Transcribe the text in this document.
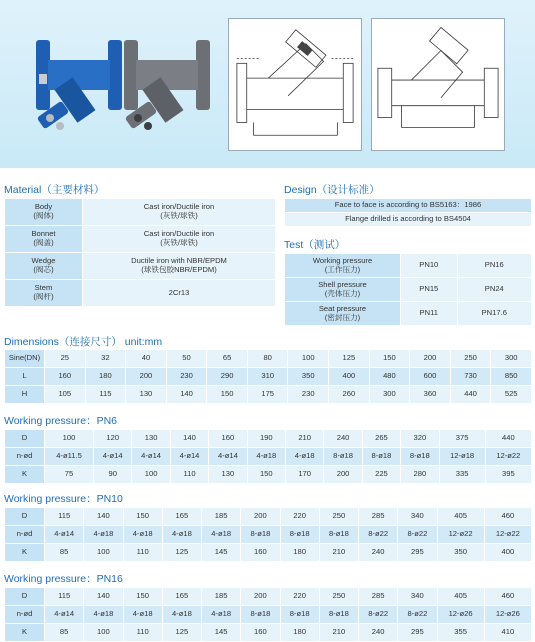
Material（主要材料）
Body
(阀体)	Cast iron/Ductile iron
(灰铁/球铁)
Bonnet
(阀盖)	Cast iron/Ductile iron
(灰铁/球铁)
Wedge
(阀芯)	Ductile iron with NBR/EPDM
(球铁包胶NBR/EPDM)
Stem
(阀杆)	2Cr13
Design（设计标准）
Face to face is according to BS5163：1986
Flange drilled is according to BS4504
Test（测试）
Working pressure
(工作压力)	PN10	PN16
Shell pressure
(壳体压力)	PN15	PN24
Seat pressure
(密封压力)	PN11	PN17.6
Dimensions（连接尺寸） unit:mm
Sine(DN)	25	32	40	50	65	80	100	125	150	200	250	300
L	160	180	200	230	290	310	350	400	480	600	730	850
H	105	115	130	140	150	175	230	260	300	360	440	525
Working pressure：PN6
D	100	120	130	140	160	190	210	240	265	320	375	440
n-ød	4-ø11.5	4-ø14	4-ø14	4-ø14	4-ø14	4-ø18	4-ø18	8-ø18	8-ø18	8-ø18	12-ø18	12-ø22
K	75	90	100	110	130	150	170	200	225	280	335	395
Working pressure：PN10
D	115	140	150	165	185	200	220	250	285	340	405	460
n-ød	4-ø14	4-ø18	4-ø18	4-ø18	4-ø18	8-ø18	8-ø18	8-ø18	8-ø22	8-ø22	12-ø22	12-ø22
K	85	100	110	125	145	160	180	210	240	295	350	400
Working pressure：PN16
D	115	140	150	165	185	200	220	250	285	340	405	460
n-ød	4-ø14	4-ø18	4-ø18	4-ø18	4-ø18	8-ø18	8-ø18	8-ø18	8-ø22	8-ø22	12-ø26	12-ø26
K	85	100	110	125	145	160	180	210	240	295	355	410
